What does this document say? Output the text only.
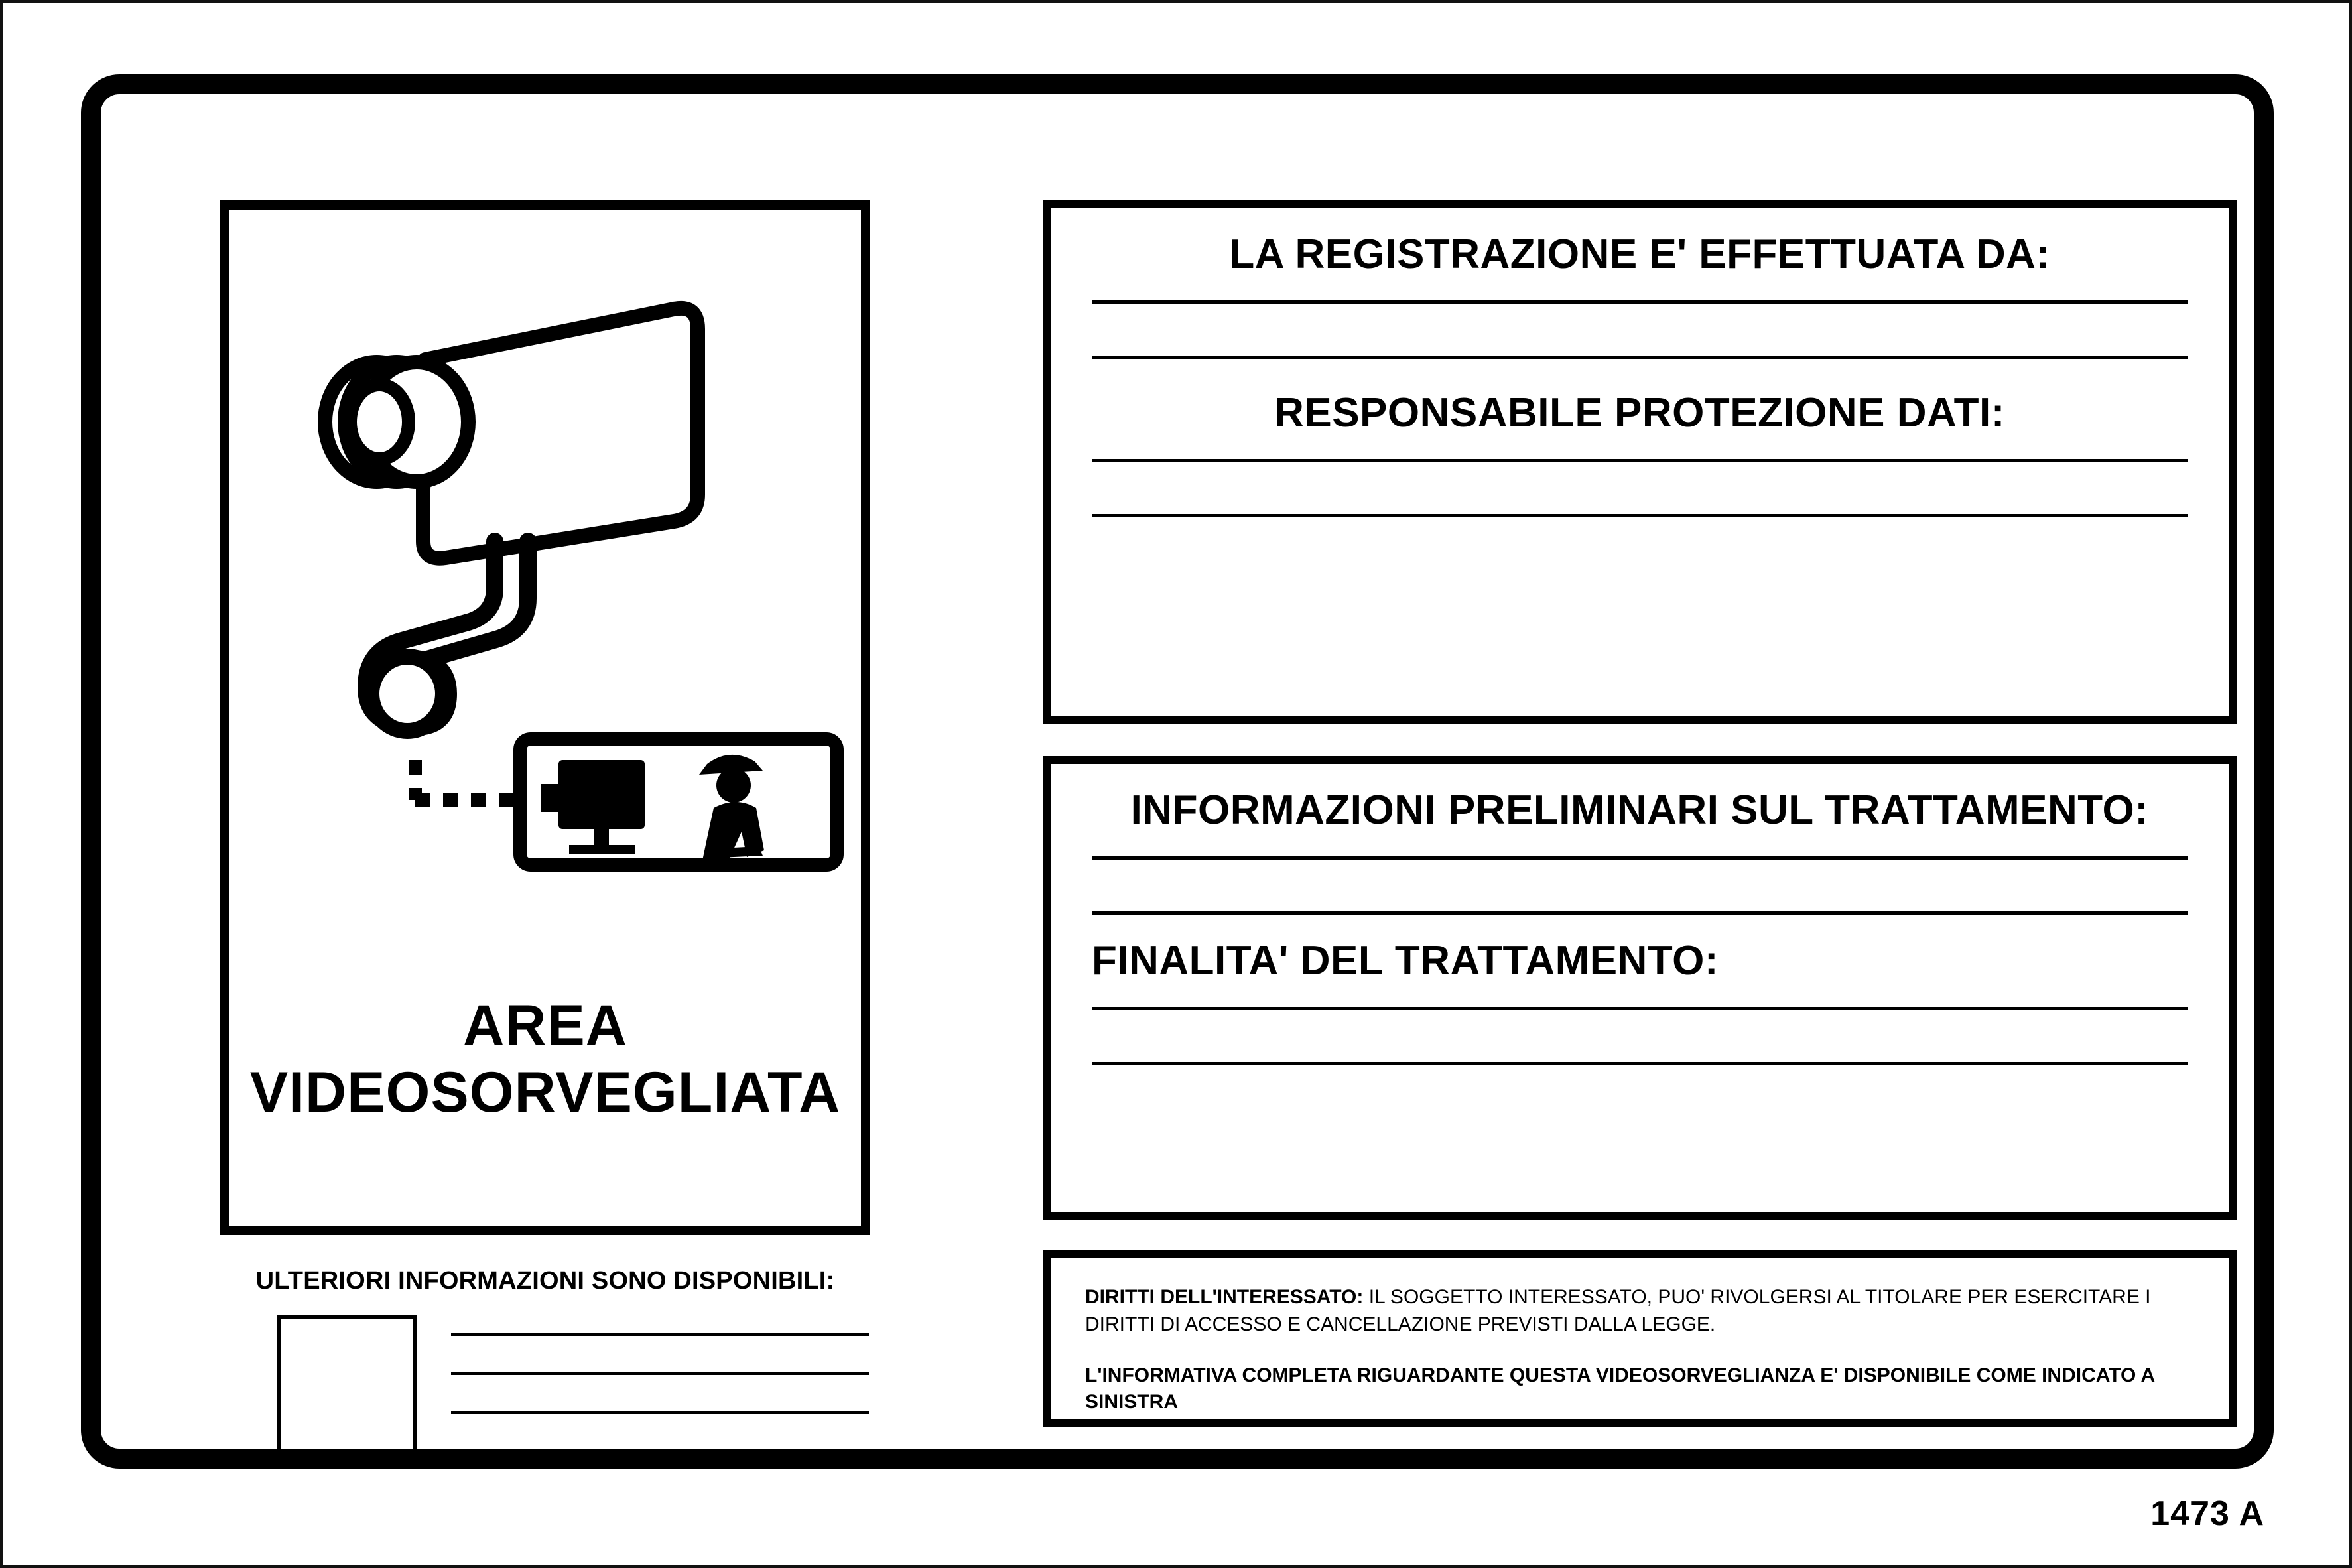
AREA
VIDEOSORVEGLIATA
ULTERIORI INFORMAZIONI SONO DISPONIBILI:
LA REGISTRAZIONE E' EFFETTUATA DA:
RESPONSABILE PROTEZIONE DATI:
INFORMAZIONI PRELIMINARI SUL TRATTAMENTO:
FINALITA' DEL TRATTAMENTO:
DIRITTI DELL'INTERESSATO: IL SOGGETTO INTERESSATO, PUO' RIVOLGERSI AL TITOLARE PER ESERCITARE I DIRITTI DI ACCESSO E CANCELLAZIONE PREVISTI DALLA LEGGE.
L'INFORMATIVA COMPLETA RIGUARDANTE QUESTA VIDEOSORVEGLIANZA E' DISPONIBILE COME INDICATO A SINISTRA
1473 A
